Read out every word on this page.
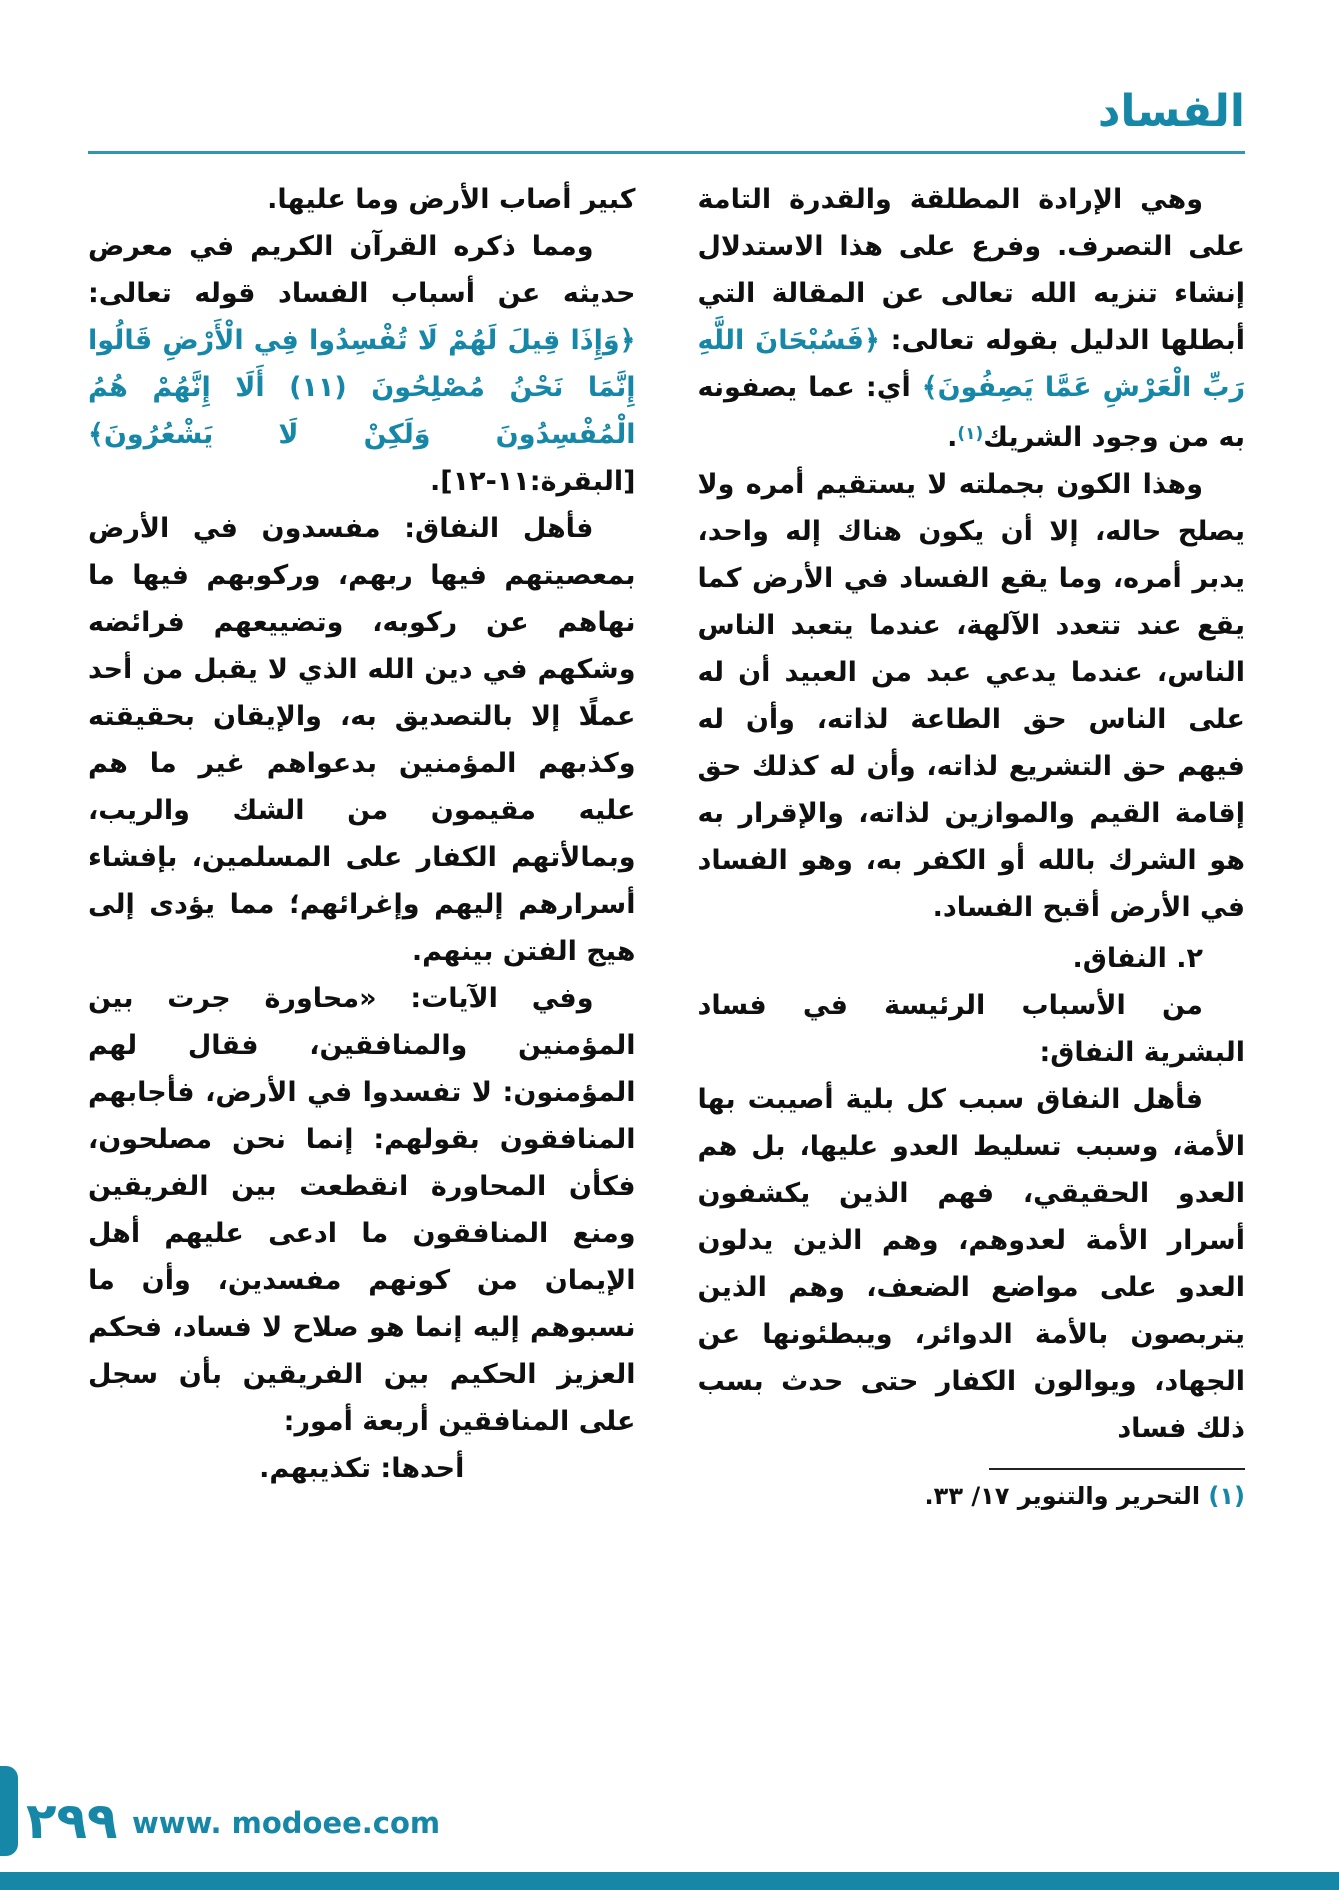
الفساد

وهي الإرادة المطلقة والقدرة التامة على التصرف. وفرع على هذا الاستدلال إنشاء تنزيه الله تعالى عن المقالة التي أبطلها الدليل بقوله تعالى: ﴿فَسُبْحَانَ اللَّهِ رَبِّ الْعَرْشِ عَمَّا يَصِفُونَ﴾ أي: عما يصفونه به من وجود الشريك$^{(١)}$.

وهذا الكون بجملته لا يستقيم أمره ولا يصلح حاله، إلا أن يكون هناك إله واحد، يدبر أمره، وما يقع الفساد في الأرض كما يقع عند تتعدد الآلهة، عندما يتعبد الناس الناس، عندما يدعي عبد من العبيد أن له على الناس حق الطاعة لذاته، وأن له فيهم حق التشريع لذاته، وأن له كذلك حق إقامة القيم والموازين لذاته، والإقرار به هو الشرك بالله أو الكفر به، وهو الفساد في الأرض أقبح الفساد.

٢. النفاق.

من الأسباب الرئيسة في فساد البشرية النفاق:

فأهل النفاق سبب كل بلية أصيبت بها الأمة، وسبب تسليط العدو عليها، بل هم العدو الحقيقي، فهم الذين يكشفون أسرار الأمة لعدوهم، وهم الذين يدلون العدو على مواضع الضعف، وهم الذين يتربصون بالأمة الدوائر، ويبطئونها عن الجهاد، ويوالون الكفار حتى حدث بسب ذلك فساد

(١) التحرير والتنوير ١٧/ ٣٣.

كبير أصاب الأرض وما عليها.

ومما ذكره القرآن الكريم في معرض حديثه عن أسباب الفساد قوله تعالى: ﴿وَإِذَا قِيلَ لَهُمْ لَا تُفْسِدُوا فِي الْأَرْضِ قَالُوا إِنَّمَا نَحْنُ مُصْلِحُونَ (١١) أَلَا إِنَّهُمْ هُمُ الْمُفْسِدُونَ وَلَكِنْ لَا يَشْعُرُونَ﴾ [البقرة:١١-١٢].

فأهل النفاق: مفسدون في الأرض بمعصيتهم فيها ربهم، وركوبهم فيها ما نهاهم عن ركوبه، وتضييعهم فرائضه وشكهم في دين الله الذي لا يقبل من أحد عملًا إلا بالتصديق به، والإيقان بحقيقته وكذبهم المؤمنين بدعواهم غير ما هم عليه مقيمون من الشك والريب، وبمالأتهم الكفار على المسلمين، بإفشاء أسرارهم إليهم وإغرائهم؛ مما يؤدى إلى هيج الفتن بينهم.

وفي الآيات: «محاورة جرت بين المؤمنين والمنافقين، فقال لهم المؤمنون: لا تفسدوا في الأرض، فأجابهم المنافقون بقولهم: إنما نحن مصلحون، فكأن المحاورة انقطعت بين الفريقين ومنع المنافقون ما ادعى عليهم أهل الإيمان من كونهم مفسدين، وأن ما نسبوهم إليه إنما هو صلاح لا فساد، فحكم العزيز الحكيم بين الفريقين بأن سجل على المنافقين أربعة أمور:

أحدها: تكذيبهم.

٢٩٩ www. modoee.com
